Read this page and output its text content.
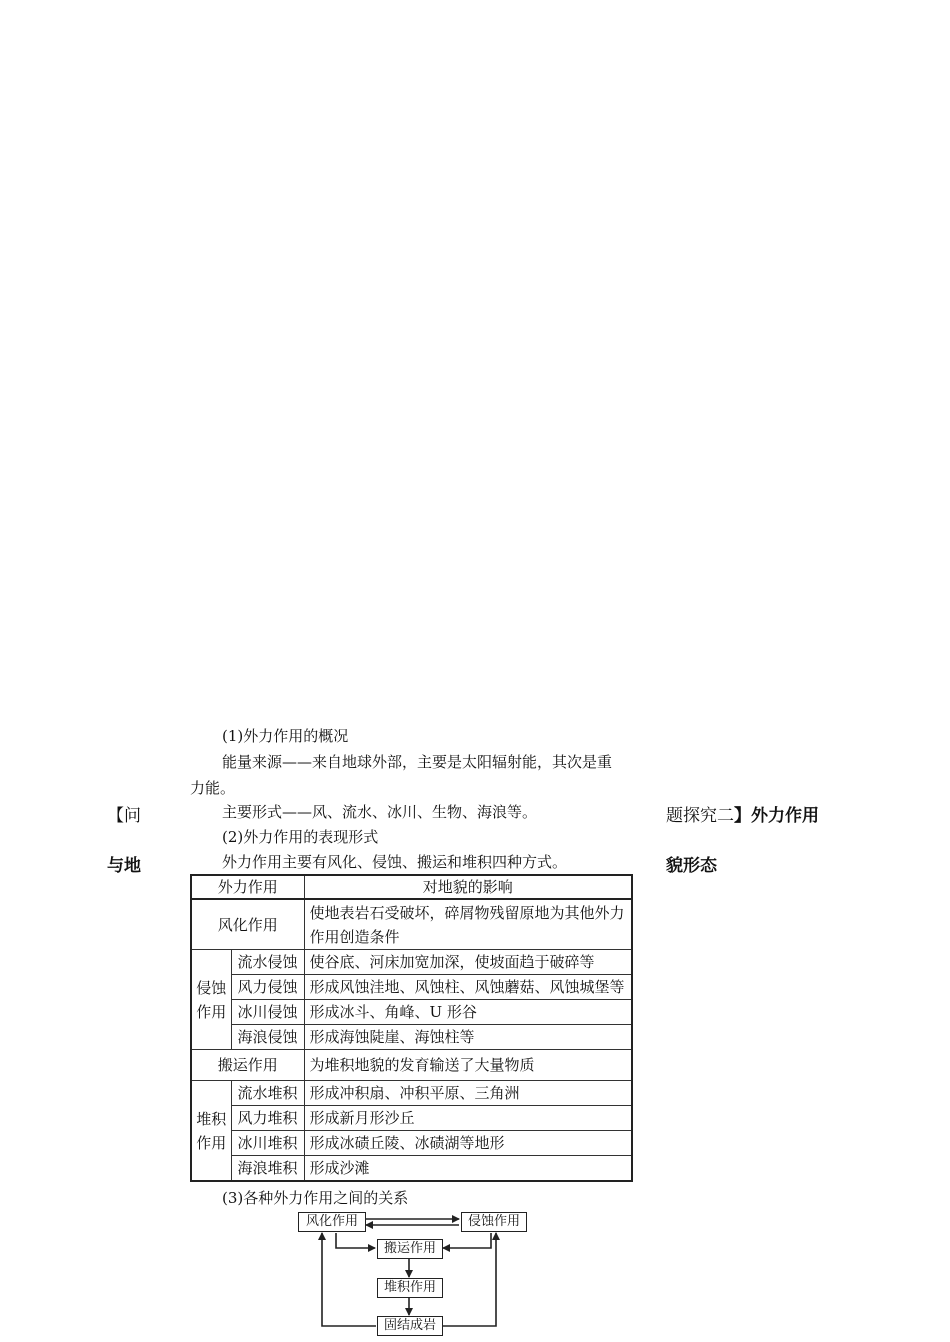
(1)外力作用的概况
能量来源——来自地球外部，主要是太阳辐射能，其次是重
力能。
主要形式——风、流水、冰川、生物、海浪等。
(2)外力作用的表现形式
外力作用主要有风化、侵蚀、搬运和堆积四种方式。
【问
与地
题探究二】外力作用
貌形态
外力作用		对地貌的影响
风化作用		使地表岩石受破坏，碎屑物残留原地为其他外力作用创造条件

侵蚀
作用	流水侵蚀	使谷底、河床加宽加深，使坡面趋于破碎等
	风力侵蚀	形成风蚀洼地、风蚀柱、风蚀蘑菇、风蚀城堡等
	冰川侵蚀	形成冰斗、角峰、U 形谷
	海浪侵蚀	形成海蚀陡崖、海蚀柱等
搬运作用		为堆积地貌的发育输送了大量物质

堆积
作用	流水堆积	形成冲积扇、冲积平原、三角洲
	风力堆积	形成新月形沙丘
	冰川堆积	形成冰碛丘陵、冰碛湖等地形
	海浪堆积	形成沙滩
(3)各种外力作用之间的关系
风化作用	侵蚀作用
搬运作用
堆积作用
固结成岩
